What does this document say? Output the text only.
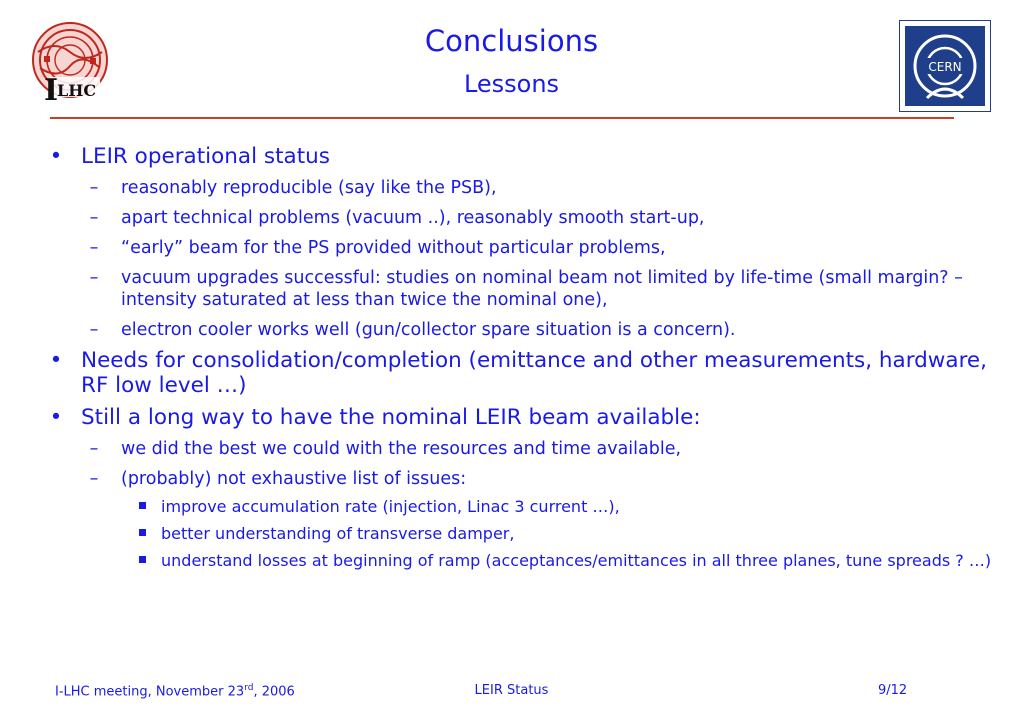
I
LHC
Conclusions
Lessons
CERN
• LEIR operational status
–	reasonably reproducible (say like the PSB),
–	apart technical problems (vacuum ..), reasonably smooth start-up,
–	“early” beam for the PS provided without particular problems,
–	vacuum upgrades successful: studies on nominal beam not limited by life-time (small margin? – intensity saturated at less than twice the nominal one),
–	electron cooler works well (gun/collector spare situation is a concern).
• Needs for consolidation/completion (emittance and other measurements, hardware, RF low level …)
• Still a long way to have the nominal LEIR beam available:
–	we did the best we could with the resources and time available,
–	(probably) not exhaustive list of issues:
improve accumulation rate (injection, Linac 3 current …),
better understanding of transverse damper,
understand losses at beginning of ramp (acceptances/emittances in all three planes, tune spreads ? …)
I-LHC meeting, November 23rd, 2006	LEIR Status	9/12
